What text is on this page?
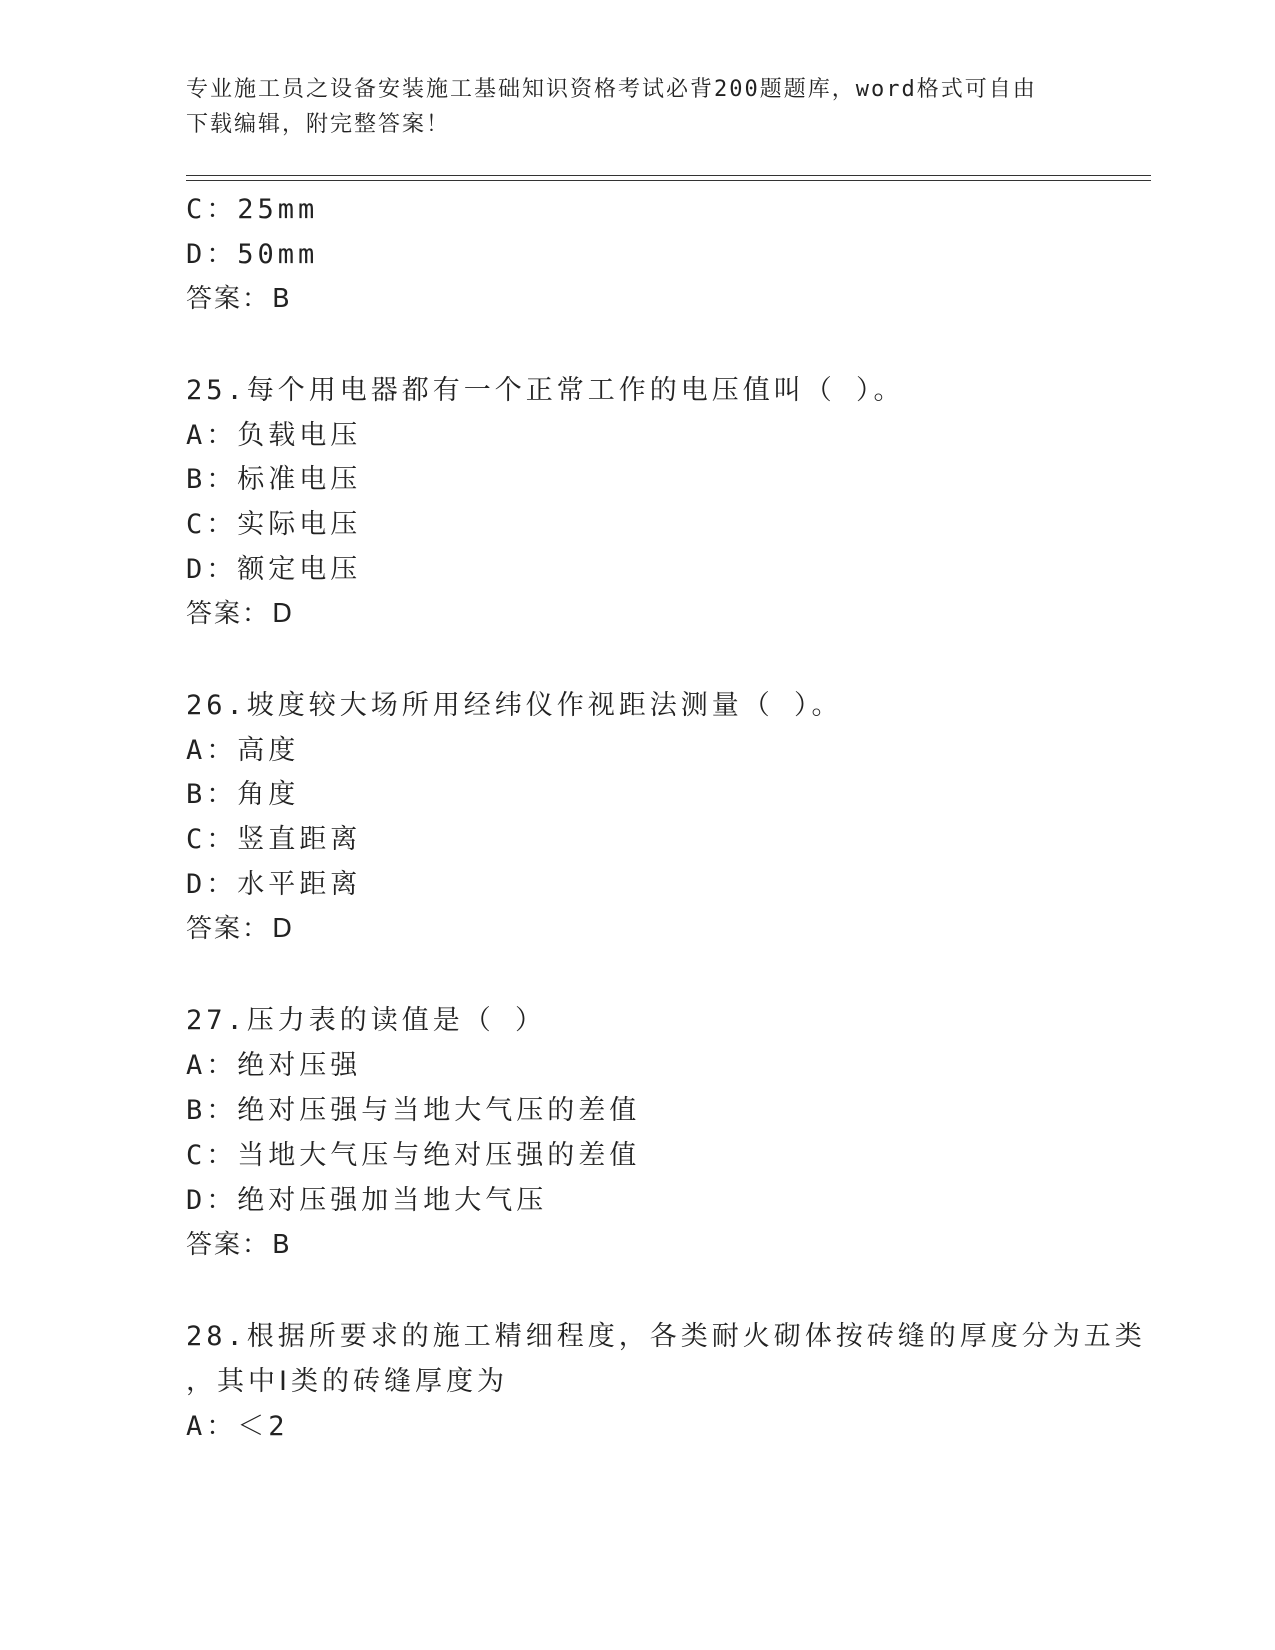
专业施工员之设备安装施工基础知识资格考试必背200题题库，word格式可自由
下载编辑，附完整答案！
C：25mm
D：50mm
答案：B
25.每个用电器都有一个正常工作的电压值叫（ ）。
A：负载电压
B：标准电压
C：实际电压
D：额定电压
答案：D
26.坡度较大场所用经纬仪作视距法测量（ ）。
A：高度
B：角度
C：竖直距离
D：水平距离
答案：D
27.压力表的读值是（ ）
A：绝对压强
B：绝对压强与当地大气压的差值
C：当地大气压与绝对压强的差值
D：绝对压强加当地大气压
答案：B
28.根据所要求的施工精细程度，各类耐火砌体按砖缝的厚度分为五类
，其中Ⅰ类的砖缝厚度为
A：＜2
